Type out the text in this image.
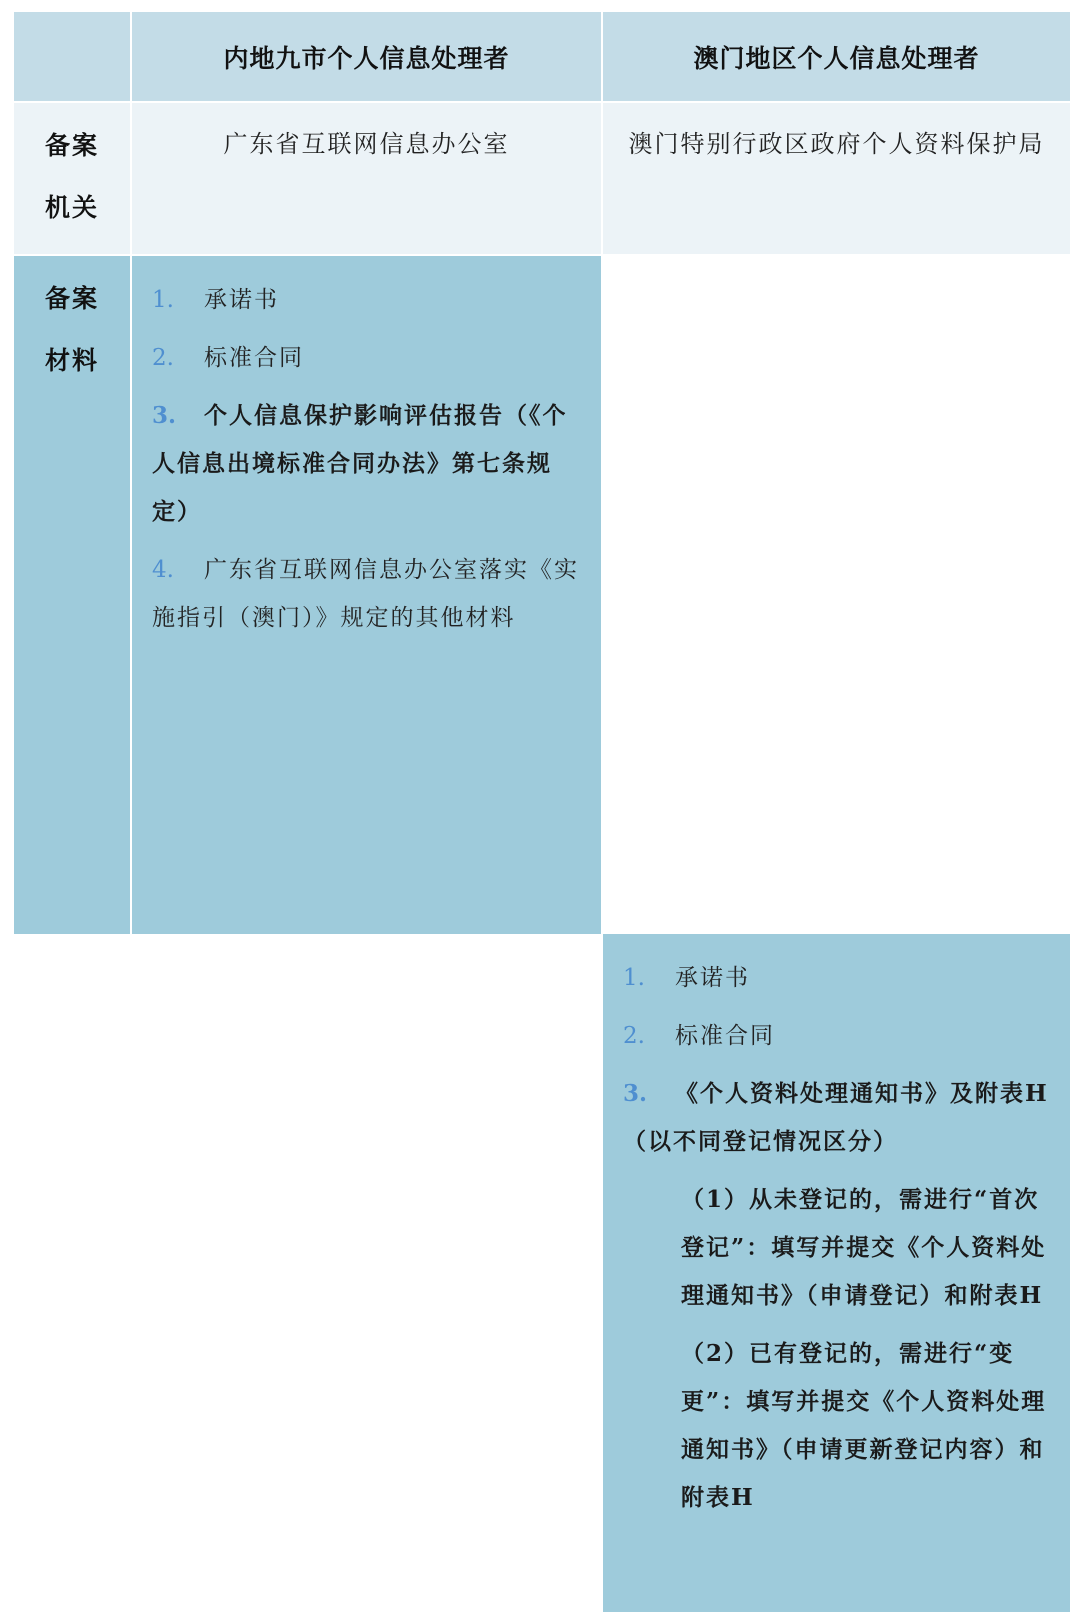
内地九市个人信息处理者	澳门地区个人信息处理者
备案
机关
广东省互联网信息办公室	澳门特别行政区政府个人资料保护局
备案
材料
1. 承诺书
2. 标准合同
3. 个人信息保护影响评估报告（《个人信息出境标准合同办法》第七条规定）
4. 广东省互联网信息办公室落实《实施指引（澳门）》规定的其他材料
1. 承诺书
2. 标准合同
3. 《个人资料处理通知书》及附表H（以不同登记情况区分）
（1）从未登记的，需进行“首次登记”：填写并提交《个人资料处理通知书》（申请登记）和附表H
（2）已有登记的，需进行“变更”：填写并提交《个人资料处理通知书》（申请更新登记内容）和附表H
